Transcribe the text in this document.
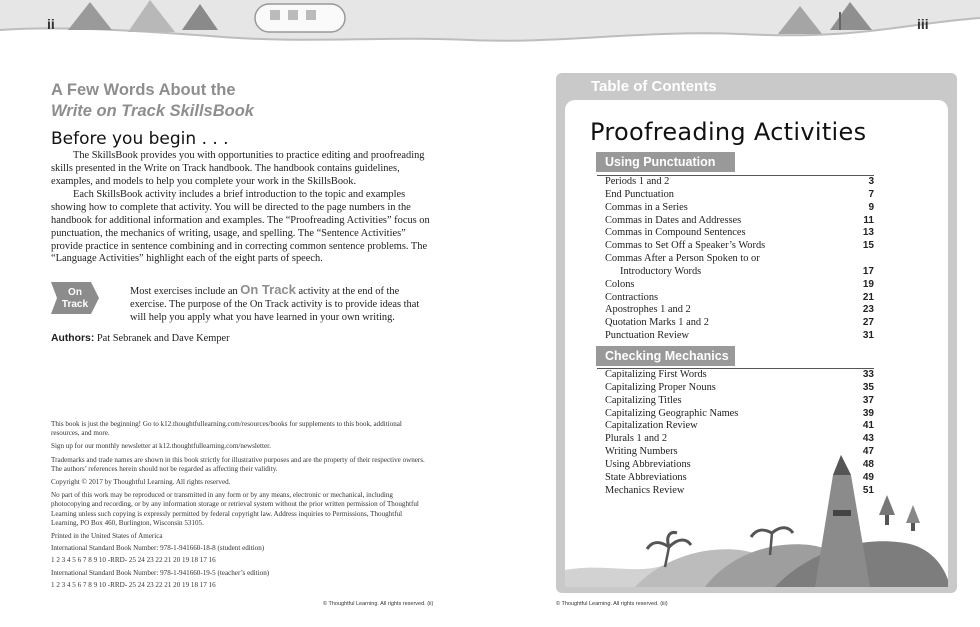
ii	iii
A Few Words About the
Write on Track SkillsBook
Before you begin . . .

The SkillsBook provides you with opportunities to practice editing and proofreading skills presented in the Write on Track handbook. The handbook contains guidelines, examples, and models to help you complete your work in the SkillsBook.

Each SkillsBook activity includes a brief introduction to the topic and examples showing how to complete that activity. You will be directed to the page numbers in the handbook for additional information and examples. The “Proofreading Activities” focus on punctuation, the mechanics of writing, usage, and spelling. The “Sentence Activities” provide practice in sentence combining and in correcting common sentence problems. The “Language Activities” highlight each of the eight parts of speech.

On
Track
Most exercises include an On Track activity at the end of the exercise. The purpose of the On Track activity is to provide ideas that will help you apply what you have learned in your own writing.
Authors: Pat Sebranek and Dave Kemper

This book is just the beginning! Go to k12.thoughtfullearning.com/resources/books for supplements to this book, additional resources, and more.

Sign up for our monthly newsletter at k12.thoughtfullearning.com/newsletter.

Trademarks and trade names are shown in this book strictly for illustrative purposes and are the property of their respective owners. The authors’ references herein should not be regarded as affecting their validity.

Copyright © 2017 by Thoughtful Learning. All rights reserved.

No part of this work may be reproduced or transmitted in any form or by any means, electronic or mechanical, including photocopying and recording, or by any information storage or retrieval system without the prior written permission of Thoughtful Learning unless such copying is expressly permitted by federal copyright law. Address inquiries to Permissions, Thoughtful Learning, PO Box 460, Burlington, Wisconsin 53105.

Printed in the United States of America

International Standard Book Number: 978-1-941660-18-8 (student edition)

1 2 3 4 5 6 7 8 9 10 -RRD- 25 24 23 22 21 20 19 18 17 16

International Standard Book Number: 978-1-941660-19-5 (teacher’s edition)

1 2 3 4 5 6 7 8 9 10 -RRD- 25 24 23 22 21 20 19 18 17 16

© Thoughtful Learning. All rights reserved. (ii)
Table of Contents
Proofreading Activities
Using Punctuation
Periods 1 and 2	3
End Punctuation	7
Commas in a Series	9
Commas in Dates and Addresses	11
Commas in Compound Sentences	13
Commas to Set Off a Speaker’s Words	15
Commas After a Person Spoken to or
Introductory Words	17
Colons	19
Contractions	21
Apostrophes 1 and 2	23
Quotation Marks 1 and 2	27
Punctuation Review	31
Checking Mechanics
Capitalizing First Words	33
Capitalizing Proper Nouns	35
Capitalizing Titles	37
Capitalizing Geographic Names	39
Capitalization Review	41
Plurals 1 and 2	43
Writing Numbers	47
Using Abbreviations	48
State Abbreviations	49
Mechanics Review	51
© Thoughtful Learning. All rights reserved. (iii)
